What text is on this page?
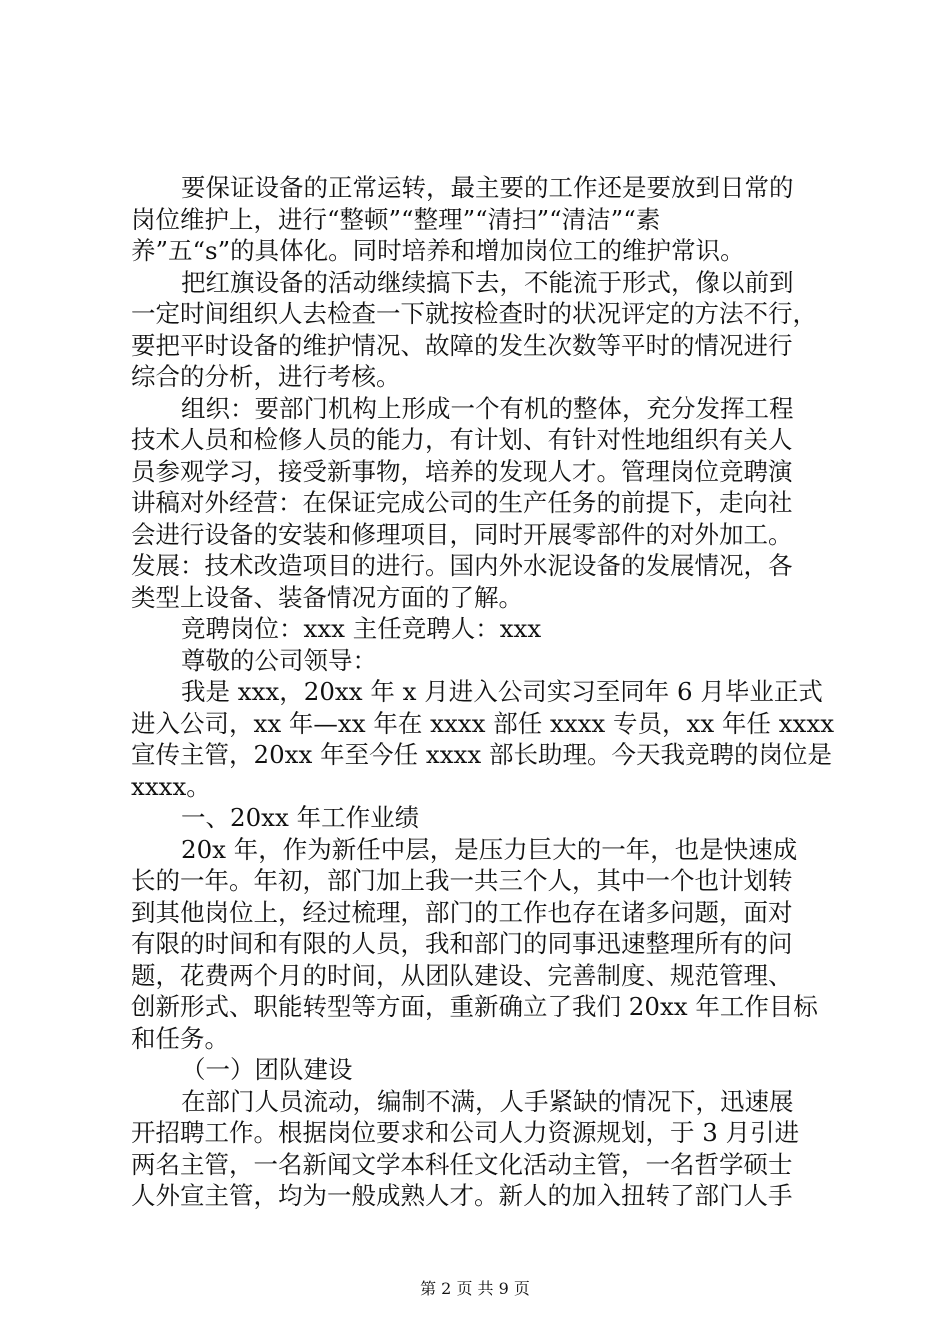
要保证设备的正常运转，最主要的工作还是要放到日常的
岗位维护上，进行“整顿”“整理”“清扫”“清洁”“素
养”五“s”的具体化。同时培养和增加岗位工的维护常识。
把红旗设备的活动继续搞下去，不能流于形式，像以前到
一定时间组织人去检查一下就按检查时的状况评定的方法不行，
要把平时设备的维护情况、故障的发生次数等平时的情况进行
综合的分析，进行考核。
组织：要部门机构上形成一个有机的整体，充分发挥工程
技术人员和检修人员的能力，有计划、有针对性地组织有关人
员参观学习，接受新事物，培养的发现人才。管理岗位竞聘演
讲稿对外经营：在保证完成公司的生产任务的前提下，走向社
会进行设备的安装和修理项目，同时开展零部件的对外加工。
发展：技术改造项目的进行。国内外水泥设备的发展情况，各
类型上设备、装备情况方面的了解。
竞聘岗位：xxx 主任竞聘人：xxx
尊敬的公司领导：
我是 xxx，20xx 年 x 月进入公司实习至同年 6 月毕业正式
进入公司，xx 年—xx 年在 xxxx 部任 xxxx 专员，xx 年任 xxxx
宣传主管，20xx 年至今任 xxxx 部长助理。今天我竞聘的岗位是
xxxx。
一、20xx 年工作业绩
20x 年，作为新任中层，是压力巨大的一年，也是快速成
长的一年。年初，部门加上我一共三个人，其中一个也计划转
到其他岗位上，经过梳理，部门的工作也存在诸多问题，面对
有限的时间和有限的人员，我和部门的同事迅速整理所有的问
题，花费两个月的时间，从团队建设、完善制度、规范管理、
创新形式、职能转型等方面，重新确立了我们 20xx 年工作目标
和任务。
（一）团队建设
在部门人员流动，编制不满，人手紧缺的情况下，迅速展
开招聘工作。根据岗位要求和公司人力资源规划，于 3 月引进
两名主管，一名新闻文学本科任文化活动主管，一名哲学硕士
人外宣主管，均为一般成熟人才。新人的加入扭转了部门人手
第 2 页 共 9 页
